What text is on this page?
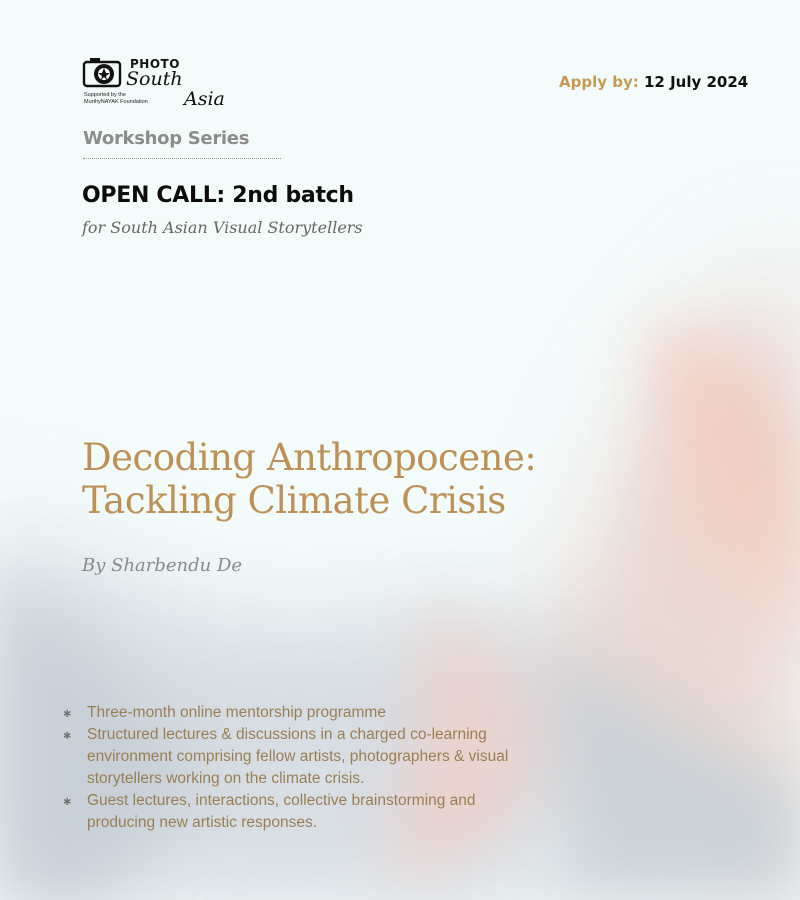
PHOTO
South
Asia
Supported by the
MurthyNAYAK Foundation
Apply by: 12 July 2024
Workshop Series
OPEN CALL: 2nd batch
for South Asian Visual Storytellers
Decoding Anthropocene:
Tackling Climate Crisis
By Sharbendu De
✱ Three-month online mentorship programme
✱ Structured lectures & discussions in a charged co-learning environment comprising fellow artists, photographers & visual storytellers working on the climate crisis.
✱ Guest lectures, interactions, collective brainstorming and producing new artistic responses.
